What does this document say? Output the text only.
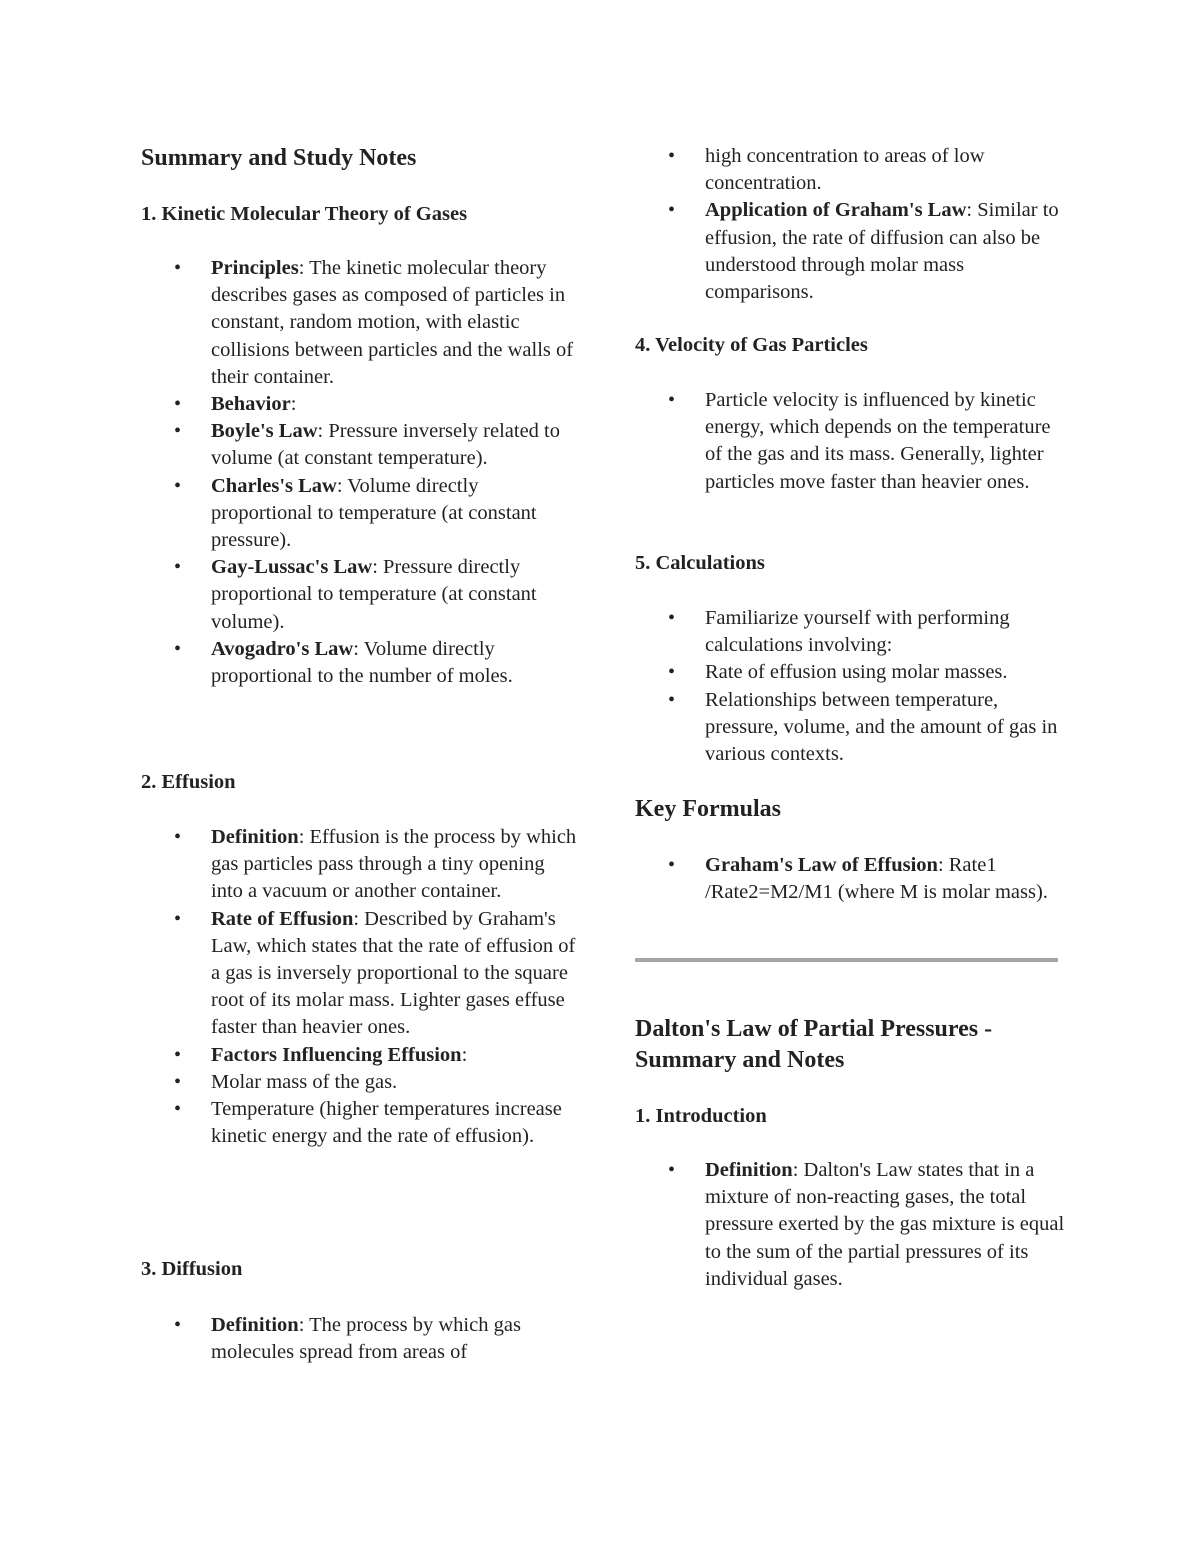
Summary and Study Notes
1. Kinetic Molecular Theory of Gases
• Principles: The kinetic molecular theory describes gases as composed of particles in constant, random motion, with elastic collisions between particles and the walls of their container.
• Behavior:
• Boyle's Law: Pressure inversely related to volume (at constant temperature).
• Charles's Law: Volume directly proportional to temperature (at constant pressure).
• Gay-Lussac's Law: Pressure directly proportional to temperature (at constant volume).
• Avogadro's Law: Volume directly proportional to the number of moles.
2. Effusion
• Definition: Effusion is the process by which gas particles pass through a tiny opening into a vacuum or another container.
• Rate of Effusion: Described by Graham's Law, which states that the rate of effusion of a gas is inversely proportional to the square root of its molar mass. Lighter gases effuse faster than heavier ones.
• Factors Influencing Effusion:
• Molar mass of the gas.
• Temperature (higher temperatures increase kinetic energy and the rate of effusion).
3. Diffusion
• Definition: The process by which gas molecules spread from areas of
• high concentration to areas of low concentration.
• Application of Graham's Law: Similar to effusion, the rate of diffusion can also be understood through molar mass comparisons.
4. Velocity of Gas Particles
• Particle velocity is influenced by kinetic energy, which depends on the temperature of the gas and its mass. Generally, lighter particles move faster than heavier ones.
5. Calculations
• Familiarize yourself with performing calculations involving:
• Rate of effusion using molar masses.
• Relationships between temperature, pressure, volume, and the amount of gas in various contexts.
Key Formulas
• Graham's Law of Effusion: Rate1 /Rate2=M2/M1 (where M is molar mass).
Dalton's Law of Partial Pressures - Summary and Notes
1. Introduction
• Definition: Dalton's Law states that in a mixture of non-reacting gases, the total pressure exerted by the gas mixture is equal to the sum of the partial pressures of its individual gases.
